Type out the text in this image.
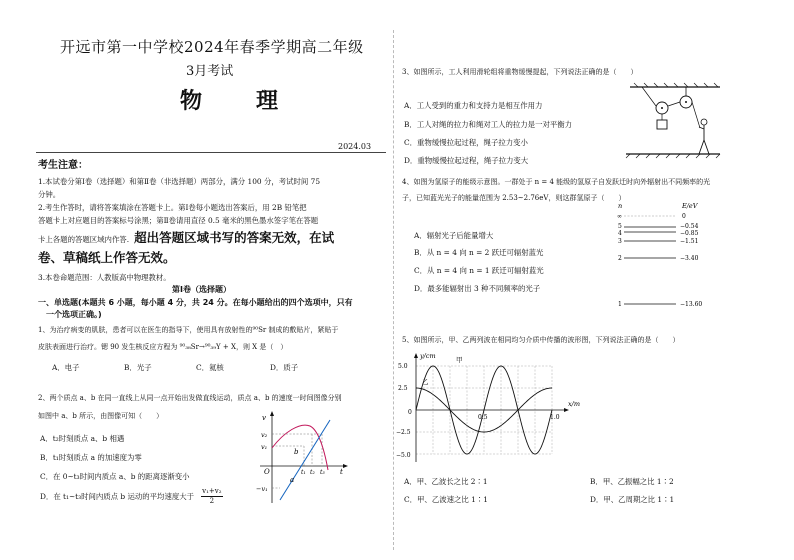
开远市第一中学校2024年春季学期高二年级
3月考试
物　理
2024.03
考生注意：
1.本试卷分第Ⅰ卷（选择题）和第Ⅱ卷（非选择题）两部分，满分 100 分，考试时间 75
分钟。
2.考生作答时，请将答案填涂在答题卡上。第Ⅰ卷每小题选出答案后，用 2B 铅笔把
答题卡上对应题目的答案标号涂黑；第Ⅱ卷请用直径 0.5 毫米的黑色墨水签字笔在答题
卡上各题的答题区域内作答. 超出答题区域书写的答案无效，在试
卷、草稿纸上作答无效。
3.本卷命题范围：人教版高中物理教材。
第Ⅰ卷（选择题）
一、单选题(本题共 6 小题，每小题 4 分，共 24 分。在每小题给出的四个选项中，只有
一个选项正确。)
1、为治疗病变的肌肤，患者可以在医生的指导下，使用具有放射性的⁹⁰Sr 制成的敷贴片，紧贴于
皮肤表面进行治疗。锶 90 发生核反应方程为 ⁹⁰₃₈Sr→⁹⁰₃₉Y + X，则 X 是（　）
A．电子	B．光子	C．氦核	D．质子
2、两个质点 a、b 在同一直线上从同一点开始出发做直线运动，质点 a、b 的速度一时间图像分别
如图中 a、b 所示，由图像可知（　　）
A．t₂时刻质点 a、b 相遇
B．t₁时刻质点 a 的加速度为零
C．在 0~t₃时间内质点 a、b 的距离逐渐变小
D．在 t₁~t₃时间内质点 b 运动的平均速度大于 $\frac{\text{v₁+v₂}}{2}$
v
v₂
v₁
−v₁
O	t
t₁ t₂ t₃
a
b
3、如图所示，工人利用滑轮组将重物缓慢提起，下列说法正确的是（　　）
A．工人受到的重力和支持力是相互作用力
B．工人对绳的拉力和绳对工人的拉力是一对平衡力
C．重物缓慢拉起过程，绳子拉力变小
D．重物缓慢拉起过程，绳子拉力变大
4、如图为氢原子的能级示意图。一群处于 n = 4 能级的氢原子自发跃迁时向外辐射出不同频率的光
子，已知蓝光光子的能量范围为 2.53~2.76eV，则这群氢原子（　　）
A．辐射光子后能量增大
B．从 n = 4 向 n = 2 跃迁可辐射蓝光
C．从 n = 4 向 n = 1 跃迁可辐射蓝光
D．最多能辐射出 3 种不同频率的光子
n	E/eV
∞	0
5	−0.54
4	−0.85
3	−1.51
2	−3.40
1	−13.60
5、如图所示，甲、乙两列波在相同均匀介质中传播的波形图，下列说法正确的是（　　）
A．甲、乙波长之比 2∶1	B．甲、乙振幅之比 1∶2
C．甲、乙波速之比 1∶1	D．甲、乙周期之比 1∶1
y/cm
x/m
5.0
2.5
0
−2.5
−5.0
0.5	1.0
甲
乙
